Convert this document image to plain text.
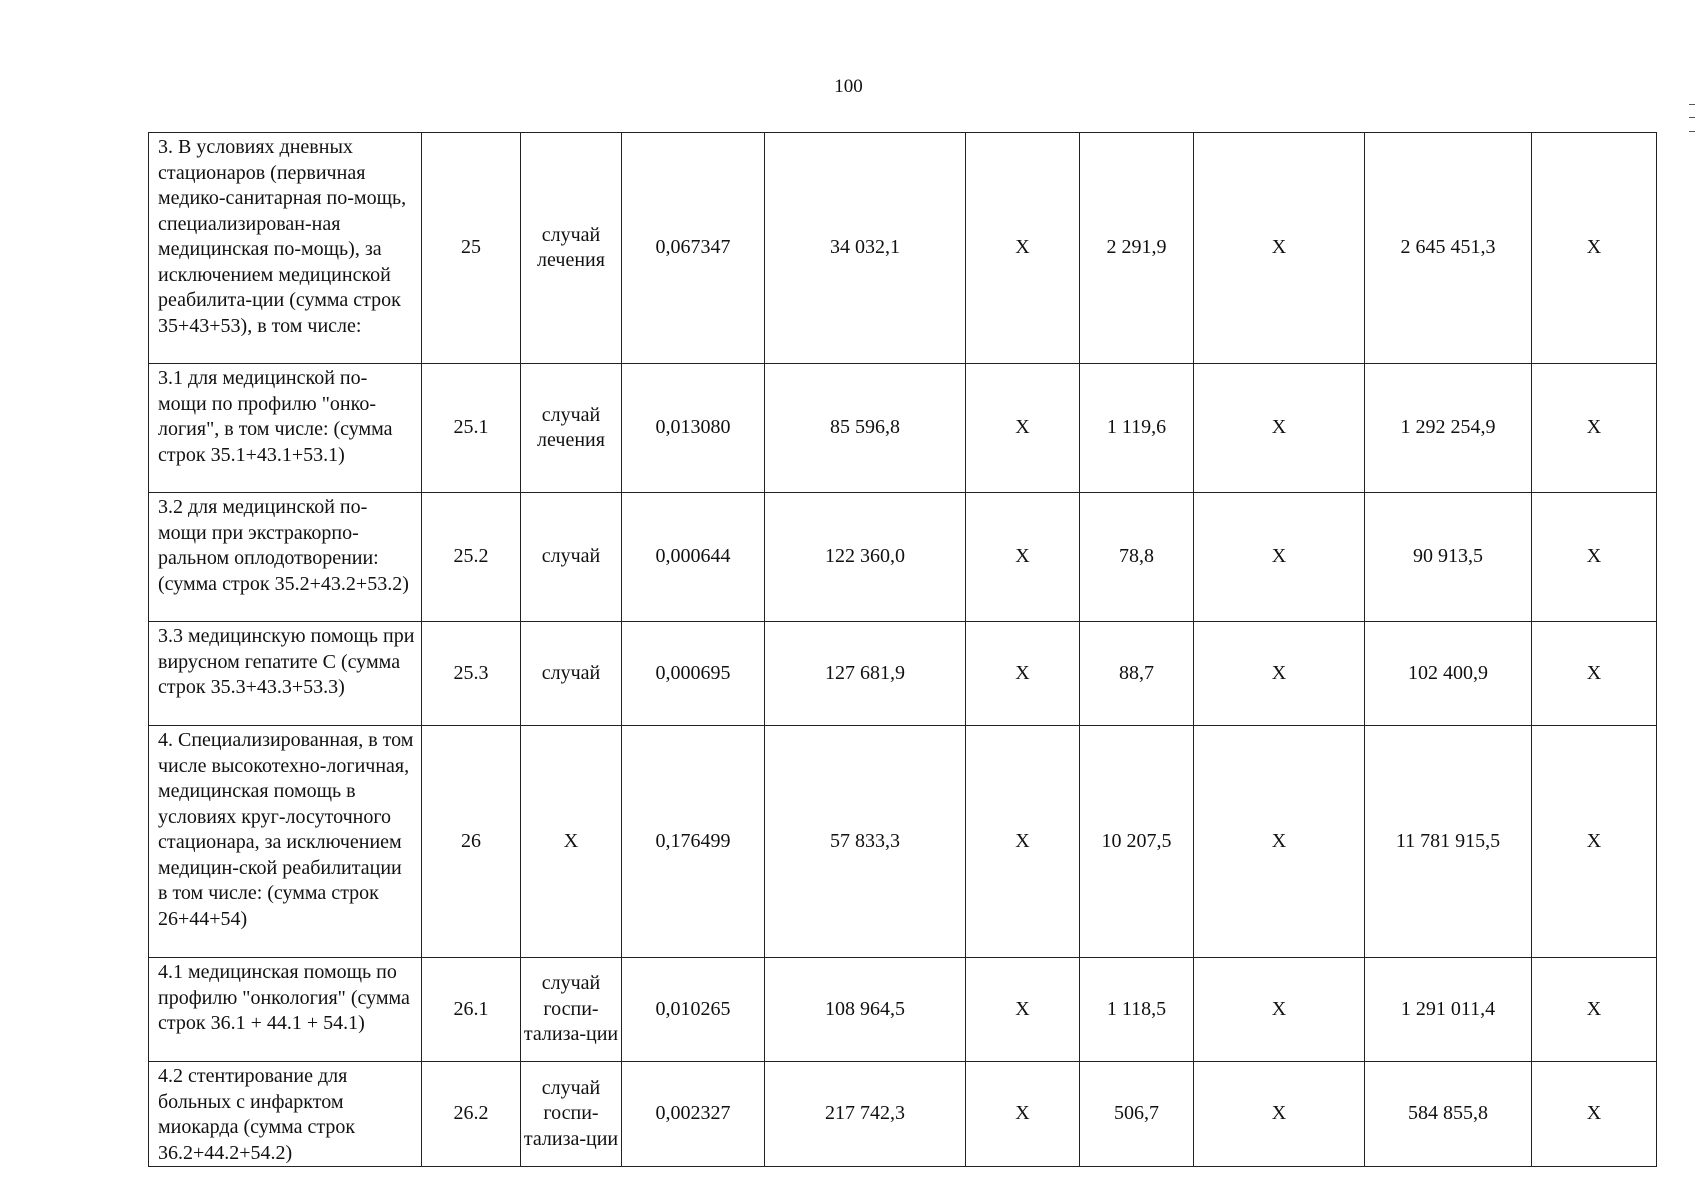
100
3. В условиях дневных стационаров (первичная медико-санитарная по-мощь, специализирован-ная медицинская по-мощь), за исключением медицинской реабилита-ции (сумма строк 35+43+53), в том числе:	25	случай лечения	0,067347	34 032,1	X	2 291,9	X	2 645 451,3	X
3.1 для медицинской по-мощи по профилю "онко-логия", в том числе: (сумма строк 35.1+43.1+53.1)	25.1	случай лечения	0,013080	85 596,8	X	1 119,6	X	1 292 254,9	X
3.2 для медицинской по-мощи при экстракорпо-ральном оплодотворении: (сумма строк 35.2+43.2+53.2)	25.2	случай	0,000644	122 360,0	X	78,8	X	90 913,5	X
3.3 медицинскую помощь при вирусном гепатите С (сумма строк 35.3+43.3+53.3)	25.3	случай	0,000695	127 681,9	X	88,7	X	102 400,9	X
4. Специализированная, в том числе высокотехно-логичная, медицинская помощь в условиях круг-лосуточного стационара, за исключением медицин-ской реабилитации в том числе: (сумма строк 26+44+54)	26	X	0,176499	57 833,3	X	10 207,5	X	11 781 915,5	X
4.1 медицинская помощь по профилю "онкология" (сумма строк 36.1 + 44.1 + 54.1)	26.1	случай госпи-тализа-ции	0,010265	108 964,5	X	1 118,5	X	1 291 011,4	X
4.2 стентирование для больных с инфарктом миокарда (сумма строк 36.2+44.2+54.2)	26.2	случай госпи-тализа-ции	0,002327	217 742,3	X	506,7	X	584 855,8	X
